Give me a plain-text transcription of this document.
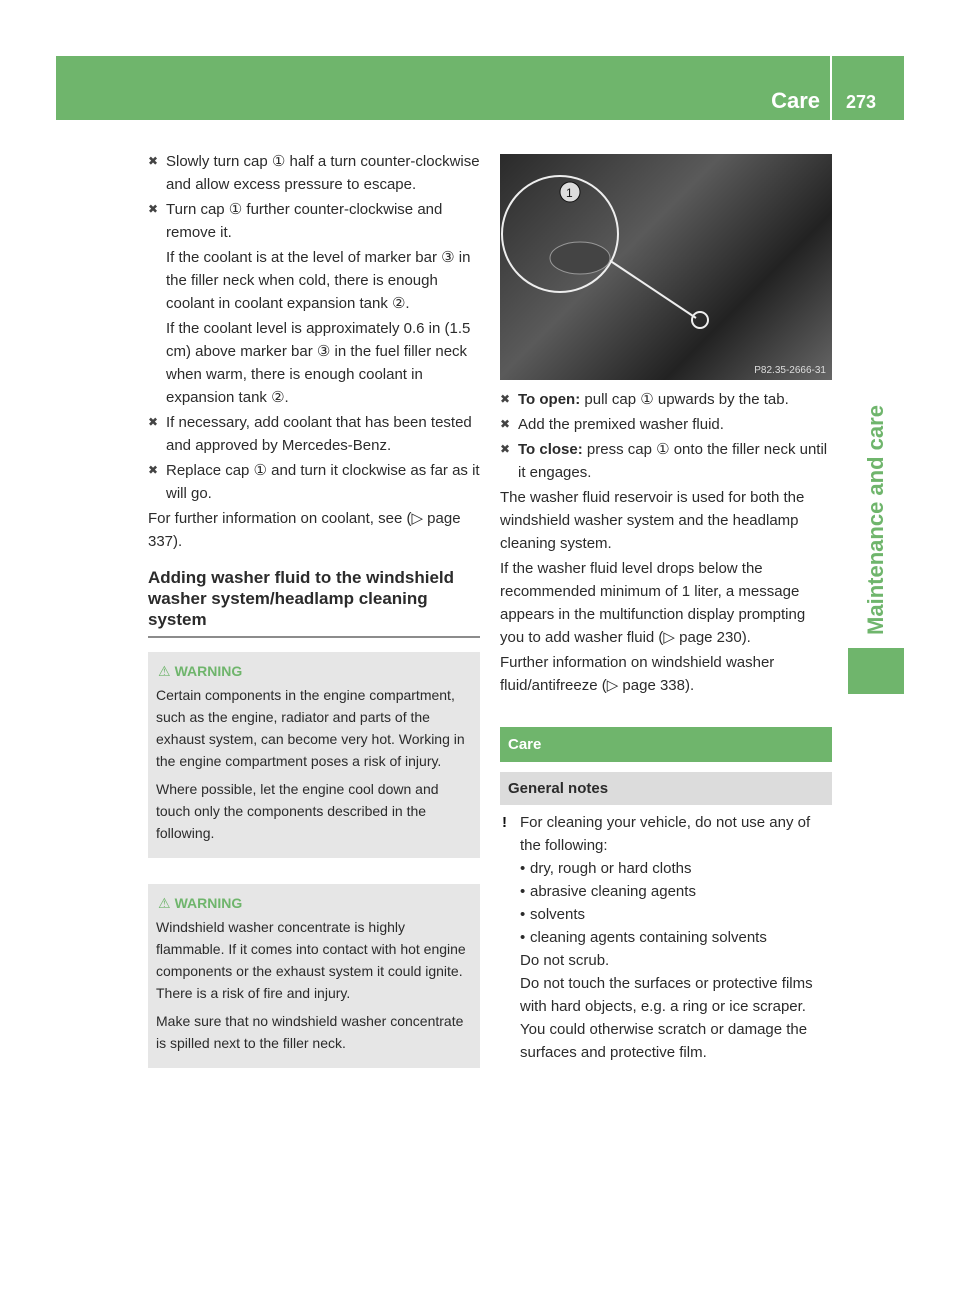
Care 273
Maintenance and care
✖ Slowly turn cap ① half a turn counter-clockwise and allow excess pressure to escape.
✖ Turn cap ① further counter-clockwise and remove it.
If the coolant is at the level of marker bar ③ in the filler neck when cold, there is enough coolant in coolant expansion tank ②.
If the coolant level is approximately 0.6 in (1.5 cm) above marker bar ③ in the fuel filler neck when warm, there is enough coolant in expansion tank ②.
✖ If necessary, add coolant that has been tested and approved by Mercedes-Benz.
✖ Replace cap ① and turn it clockwise as far as it will go.

For further information on coolant, see (▷ page 337).

Adding washer fluid to the windshield washer system/headlamp cleaning system
⚠ WARNING

Certain components in the engine compartment, such as the engine, radiator and parts of the exhaust system, can become very hot. Working in the engine compartment poses a risk of injury.

Where possible, let the engine cool down and touch only the components described in the following.

⚠ WARNING

Windshield washer concentrate is highly flammable. If it comes into contact with hot engine components or the exhaust system it could ignite. There is a risk of fire and injury.

Make sure that no windshield washer concentrate is spilled next to the filler neck.

1
P82.35-2666-31
✖ To open: pull cap ① upwards by the tab.
✖ Add the premixed washer fluid.
✖ To close: press cap ① onto the filler neck until it engages.

The washer fluid reservoir is used for both the windshield washer system and the headlamp cleaning system.

If the washer fluid level drops below the recommended minimum of 1 liter, a message appears in the multifunction display prompting you to add washer fluid (▷ page 230).

Further information on windshield washer fluid/antifreeze (▷ page 338).

Care
General notes
! For cleaning your vehicle, do not use any of the following:
• dry, rough or hard cloths
• abrasive cleaning agents
• solvents
• cleaning agents containing solvents
Do not scrub.
Do not touch the surfaces or protective films with hard objects, e.g. a ring or ice scraper. You could otherwise scratch or damage the surfaces and protective film.
